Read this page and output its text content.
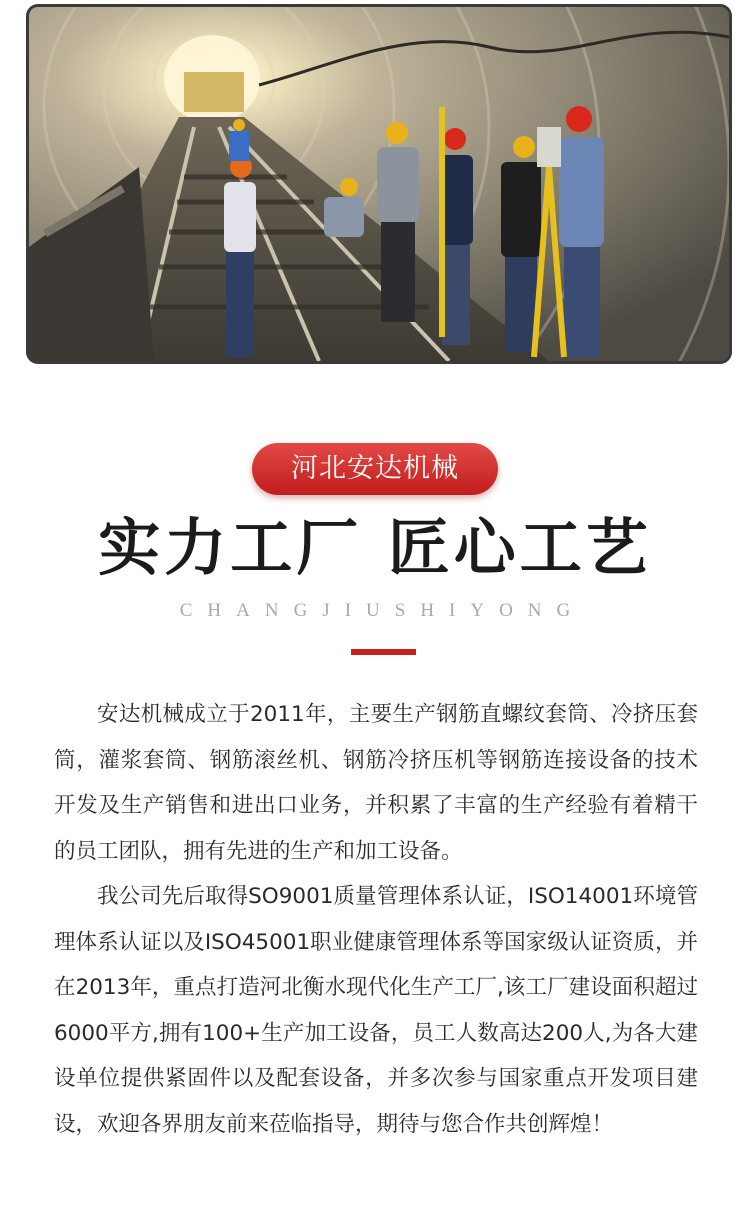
河北安达机械
实力工厂 匠心工艺
CHANGJIUSHIYONG

安达机械成立于2011年，主要生产钢筋直螺纹套筒、冷挤压套筒，灌浆套筒、钢筋滚丝机、钢筋冷挤压机等钢筋连接设备的技术开发及生产销售和进出口业务，并积累了丰富的生产经验有着精干的员工团队，拥有先进的生产和加工设备。

我公司先后取得SO9001质量管理体系认证，ISO14001环境管理体系认证以及ISO45001职业健康管理体系等国家级认证资质，并在2013年，重点打造河北衡水现代化生产工厂,该工厂建设面积超过6000平方,拥有100+生产加工设备，员工人数高达200人,为各大建设单位提供紧固件以及配套设备，并多次参与国家重点开发项目建设，欢迎各界朋友前来莅临指导，期待与您合作共创辉煌！
